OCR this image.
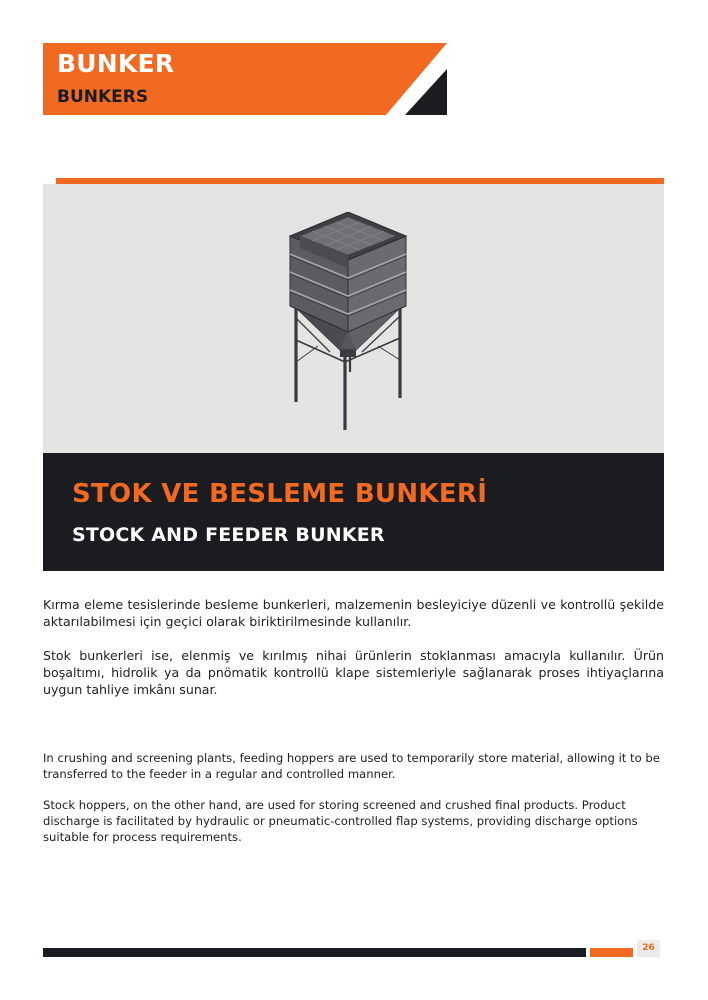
BUNKER
BUNKERS
STOK VE BESLEME BUNKERİ
STOCK AND FEEDER BUNKER

Kırma eleme tesislerinde besleme bunkerleri, malzemenin besleyiciye düzenli ve kontrollü şekilde aktarılabilmesi için geçici olarak biriktirilmesinde kullanılır.

Stok bunkerleri ise, elenmiş ve kırılmış nihai ürünlerin stoklanması amacıyla kullanılır. Ürün boşaltımı, hidrolik ya da pnömatik kontrollü klape sistemleriyle sağlanarak proses ihtiyaçlarına uygun tahliye imkânı sunar.

In crushing and screening plants, feeding hoppers are used to temporarily store material, allowing it to be transferred to the feeder in a regular and controlled manner.

Stock hoppers, on the other hand, are used for storing screened and crushed final products. Product discharge is facilitated by hydraulic or pneumatic-controlled flap systems, providing discharge options suitable for process requirements.

26
